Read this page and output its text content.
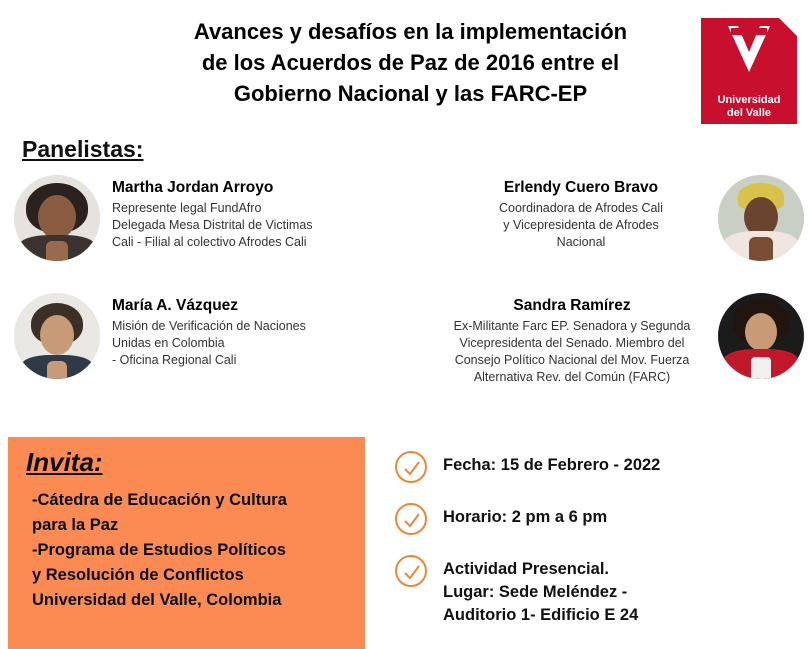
Avances y desafíos en la implementación
de los Acuerdos de Paz de 2016 entre el
Gobierno Nacional y las FARC-EP	Universidad
del Valle
Panelistas:
Martha Jordan Arroyo
Represente legal FundAfro
Delegada Mesa Distrital de Victimas
Cali - Filial al colectivo Afrodes Cali
Erlendy Cuero Bravo
Coordinadora de Afrodes Cali
y Vicepresidenta de Afrodes
Nacional
María A. Vázquez
Misión de Verificación de Naciones
Unidas en Colombia
- Oficina Regional Cali
Sandra Ramírez
Ex-Militante Farc EP. Senadora y Segunda
Vicepresidenta del Senado. Miembro del
Consejo Político Nacional del Mov. Fuerza
Alternativa Rev. del Común (FARC)
Invita:
-Cátedra de Educación y Cultura
para la Paz
-Programa de Estudios Políticos
y Resolución de Conflictos
Universidad del Valle, Colombia
Fecha: 15 de Febrero - 2022
Horario: 2 pm a 6 pm
Actividad Presencial.
Lugar: Sede Meléndez -
Auditorio 1- Edificio E 24
